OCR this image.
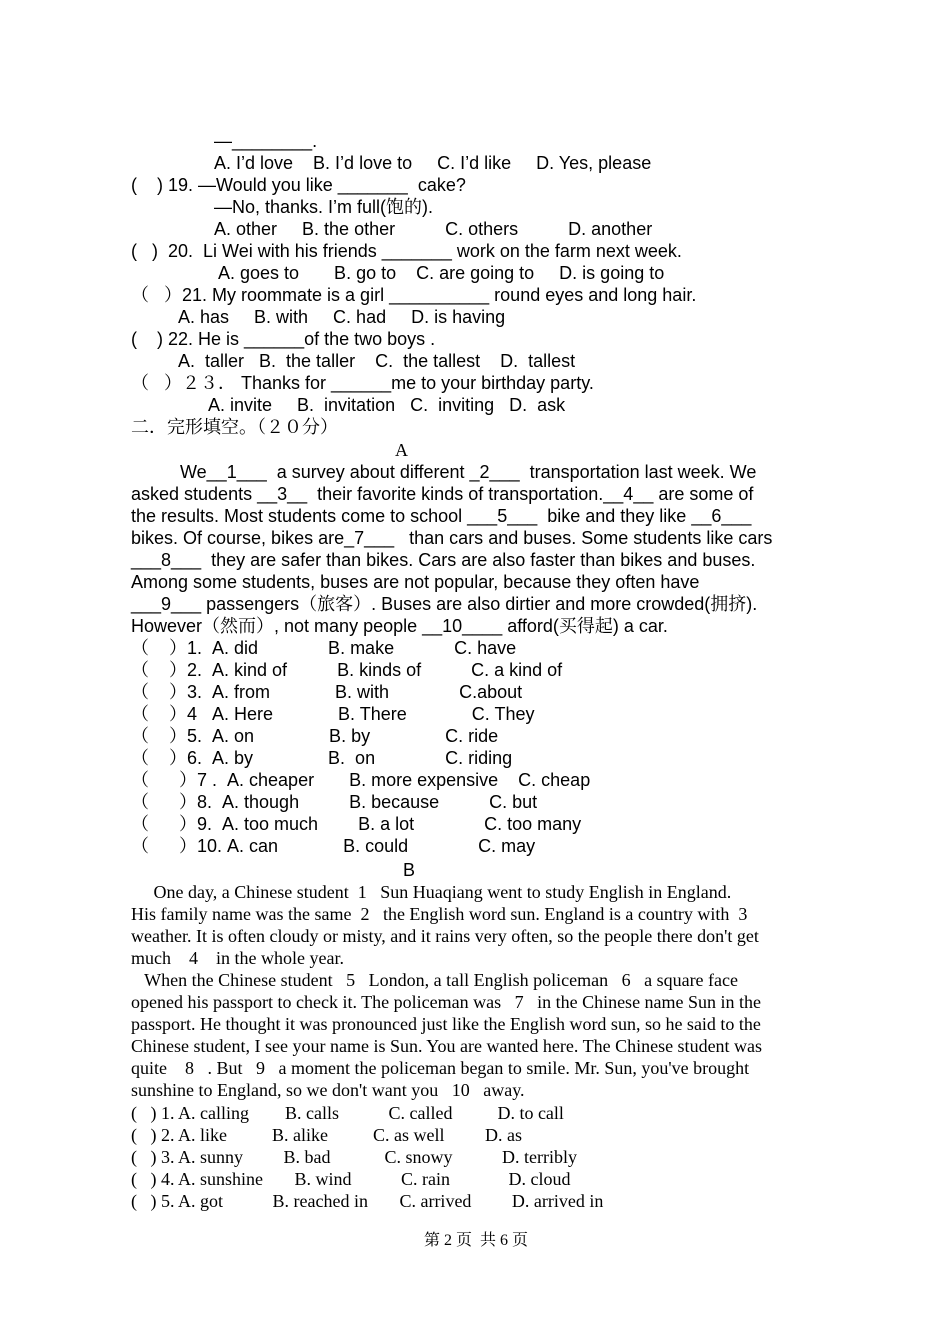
—________.
A. I’d love    B. I’d love to     C. I’d like     D. Yes, please
(    ) 19. —Would you like _______  cake?
—No, thanks. I’m full(饱的).
A. other     B. the other          C. others          D. another
(   )  20.  Li Wei with his friends _______ work on the farm next week.
A. goes to       B. go to    C. are going to     D. is going to
（   ）21. My roommate is a girl __________ round eyes and long hair.
A. has     B. with     C. had     D. is having
(    ) 22. He is ______of the two boys .
A.  taller   B.  the taller    C.  the tallest    D.  tallest
（   ）２３． Thanks for ______me to your birthday party.
A. invite     B.  invitation   C.  inviting   D.  ask
二．完形填空。（２０分）
A
We__1___  a survey about different _2___  transportation last week. We
asked students __3__  their favorite kinds of transportation.__4__ are some of
the results. Most students come to school ___5___  bike and they like __6___
bikes. Of course, bikes are_7___   than cars and buses. Some students like cars
___8___  they are safer than bikes. Cars are also faster than bikes and buses.
Among some students, buses are not popular, because they often have
___9___ passengers（旅客）. Buses are also dirtier and more crowded(拥挤).
However（然而）, not many people __10____ afford(买得起) a car.
（    ）1.  A. did              B. make            C. have
（    ）2.  A. kind of          B. kinds of          C. a kind of
（    ）3.  A. from             B. with              C.about
（    ）4   A. Here             B. There             C. They
（    ）5.  A. on               B. by               C. ride
（    ）6.  A. by               B.  on              C. riding
（      ）7 .  A. cheaper       B. more expensive    C. cheap
（      ）8.  A. though          B. because          C. but
（      ）9.  A. too much        B. a lot              C. too many
（      ）10. A. can             B. could              C. may
B
One day, a Chinese student  1   Sun Huaqiang went to study English in England.
His family name was the same  2   the English word sun. England is a country with  3
weather. It is often cloudy or misty, and it rains very often, so the people there don't get
much    4    in the whole year.
When the Chinese student   5   London, a tall English policeman   6   a square face
opened his passport to check it. The policeman was   7   in the Chinese name Sun in the
passport. He thought it was pronounced just like the English word sun, so he said to the
Chinese student, I see your name is Sun. You are wanted here. The Chinese student was
quite    8   . But   9   a moment the policeman began to smile. Mr. Sun, you've brought
sunshine to England, so we don't want you   10   away.
(   ) 1. A. calling        B. calls           C. called          D. to call
(   ) 2. A. like          B. alike          C. as well         D. as
(   ) 3. A. sunny         B. bad            C. snowy           D. terribly
(   ) 4. A. sunshine       B. wind           C. rain             D. cloud
(   ) 5. A. got           B. reached in       C. arrived         D. arrived in
第 2 页  共 6 页
